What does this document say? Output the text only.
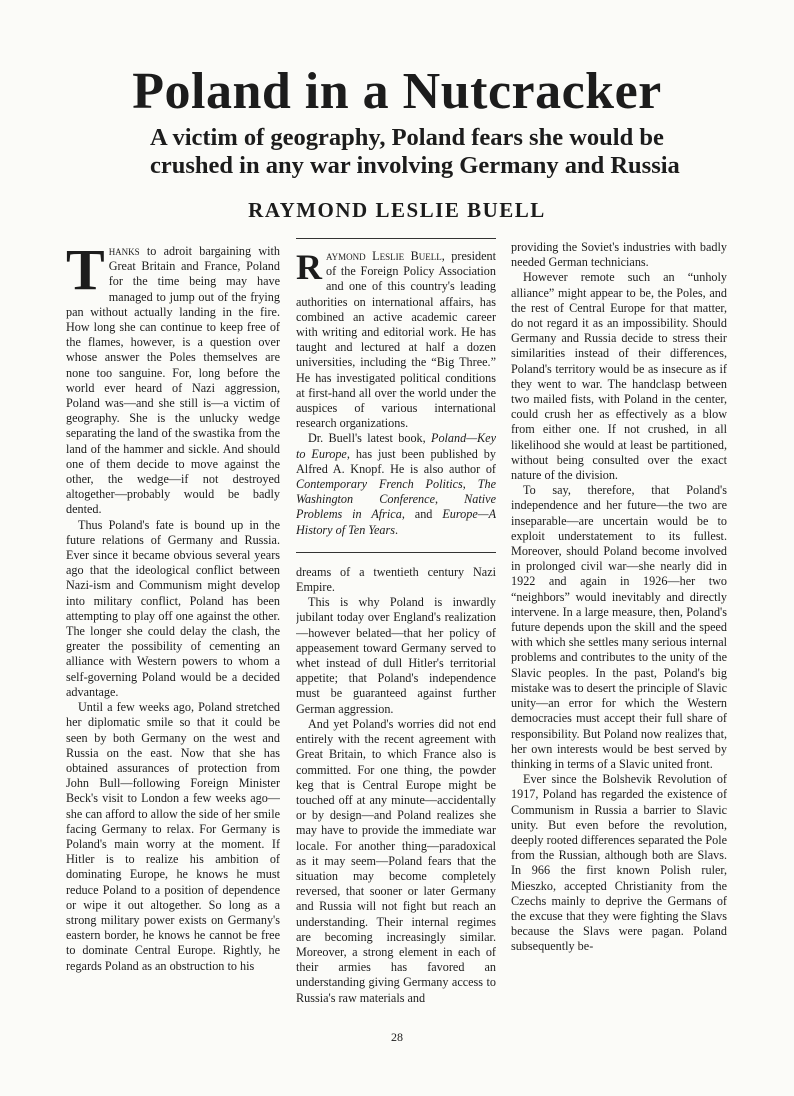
Poland in a Nutcracker
A victim of geography, Poland fears she would be
crushed in any war involving Germany and Russia
RAYMOND LESLIE BUELL

Thanks to adroit bargaining with Great Britain and France, Poland for the time being may have managed to jump out of the frying pan without actually landing in the fire. How long she can continue to keep free of the flames, however, is a question over whose answer the Poles themselves are none too sanguine. For, long before the world ever heard of Nazi aggression, Poland was—and she still is—a victim of geography. She is the unlucky wedge separating the land of the swastika from the land of the hammer and sickle. And should one of them decide to move against the other, the wedge—if not destroyed altogether—probably would be badly dented.

Thus Poland's fate is bound up in the future relations of Germany and Russia. Ever since it became obvious several years ago that the ideological conflict between Nazi-ism and Communism might develop into military conflict, Poland has been attempting to play off one against the other. The longer she could delay the clash, the greater the possibility of cementing an alliance with Western powers to whom a self-governing Poland would be a decided advantage.

Until a few weeks ago, Poland stretched her diplomatic smile so that it could be seen by both Germany on the west and Russia on the east. Now that she has obtained assurances of protection from John Bull—following Foreign Minister Beck's visit to London a few weeks ago—she can afford to allow the side of her smile facing Germany to relax. For Germany is Poland's main worry at the moment. If Hitler is to realize his ambition of dominating Europe, he knows he must reduce Poland to a position of dependence or wipe it out altogether. So long as a strong military power exists on Germany's eastern border, he knows he cannot be free to dominate Central Europe. Rightly, he regards Poland as an obstruction to his

Raymond Leslie Buell, president of the Foreign Policy Association and one of this country's leading authorities on international affairs, has combined an active academic career with writing and editorial work. He has taught and lectured at half a dozen universities, including the “Big Three.” He has investigated political conditions at first-hand all over the world under the auspices of various international research organizations.

Dr. Buell's latest book, Poland—Key to Europe, has just been published by Alfred A. Knopf. He is also author of Contemporary French Politics, The Washington Conference, Native Problems in Africa, and Europe—A History of Ten Years.

dreams of a twentieth century Nazi Empire.

This is why Poland is inwardly jubilant today over England's realization—however belated—that her policy of appeasement toward Germany served to whet instead of dull Hitler's territorial appetite; that Poland's independence must be guaranteed against further German aggression.

And yet Poland's worries did not end entirely with the recent agreement with Great Britain, to which France also is committed. For one thing, the powder keg that is Central Europe might be touched off at any minute—accidentally or by design—and Poland realizes she may have to provide the immediate war locale. For another thing—paradoxical as it may seem—Poland fears that the situation may become completely reversed, that sooner or later Germany and Russia will not fight but reach an understanding. Their internal regimes are becoming increasingly similar. Moreover, a strong element in each of their armies has favored an understanding giving Germany access to Russia's raw materials and

providing the Soviet's industries with badly needed German technicians.

However remote such an “unholy alliance” might appear to be, the Poles, and the rest of Central Europe for that matter, do not regard it as an impossibility. Should Germany and Russia decide to stress their similarities instead of their differences, Poland's territory would be as insecure as if they went to war. The handclasp between two mailed fists, with Poland in the center, could crush her as effectively as a blow from either one. If not crushed, in all likelihood she would at least be partitioned, without being consulted over the exact nature of the division.

To say, therefore, that Poland's independence and her future—the two are inseparable—are uncertain would be to exploit understatement to its fullest. Moreover, should Poland become involved in prolonged civil war—she nearly did in 1922 and again in 1926—her two “neighbors” would inevitably and directly intervene. In a large measure, then, Poland's future depends upon the skill and the speed with which she settles many serious internal problems and contributes to the unity of the Slavic peoples. In the past, Poland's big mistake was to desert the principle of Slavic unity—an error for which the Western democracies must accept their full share of responsibility. But Poland now realizes that, her own interests would be best served by thinking in terms of a Slavic united front.

Ever since the Bolshevik Revolution of 1917, Poland has regarded the existence of Communism in Russia a barrier to Slavic unity. But even before the revolution, deeply rooted differences separated the Pole from the Russian, although both are Slavs. In 966 the first known Polish ruler, Mieszko, accepted Christianity from the Czechs mainly to deprive the Germans of the excuse that they were fighting the Slavs because the Slavs were pagan. Poland subsequently be-

28
